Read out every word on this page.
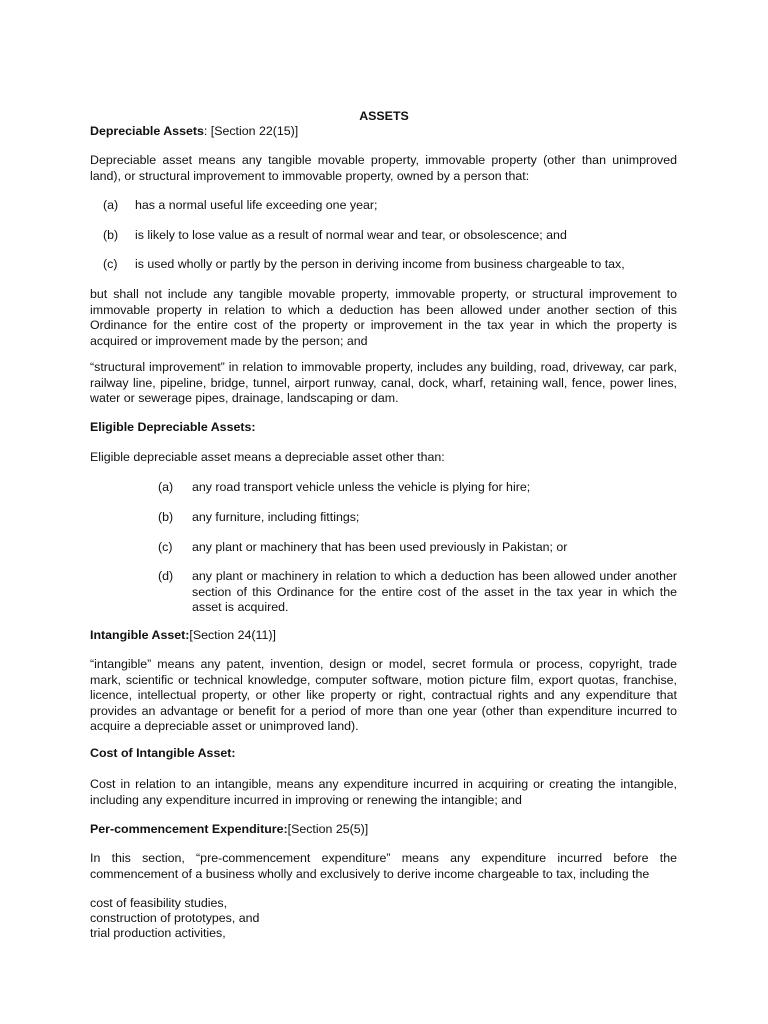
ASSETS
Depreciable Assets: [Section 22(15)]

Depreciable asset means any tangible movable property, immovable property (other than unimproved land), or structural improvement to immovable property, owned by a person that:

(a) has a normal useful life exceeding one year;
(b) is likely to lose value as a result of normal wear and tear, or obsolescence; and
(c) is used wholly or partly by the person in deriving income from business chargeable to tax,

but shall not include any tangible movable property, immovable property, or structural improvement to immovable property in relation to which a deduction has been allowed under another section of this Ordinance for the entire cost of the property or improvement in the tax year in which the property is acquired or improvement made by the person; and

“structural improvement” in relation to immovable property, includes any building, road, driveway, car park, railway line, pipeline, bridge, tunnel, airport runway, canal, dock, wharf, retaining wall, fence, power lines, water or sewerage pipes, drainage, landscaping or dam.

Eligible Depreciable Assets:

Eligible depreciable asset means a depreciable asset other than:

(a) any road transport vehicle unless the vehicle is plying for hire;
(b) any furniture, including fittings;
(c) any plant or machinery that has been used previously in Pakistan; or
(d) any plant or machinery in relation to which a deduction has been allowed under another section of this Ordinance for the entire cost of the asset in the tax year in which the asset is acquired.
Intangible Asset:[Section 24(11)]

“intangible” means any patent, invention, design or model, secret formula or process, copyright, trade mark, scientific or technical knowledge, computer software, motion picture film, export quotas, franchise, licence, intellectual property, or other like property or right, contractual rights and any expenditure that provides an advantage or benefit for a period of more than one year (other than expenditure incurred to acquire a depreciable asset or unimproved land).

Cost of Intangible Asset:

Cost in relation to an intangible, means any expenditure incurred in acquiring or creating the intangible, including any expenditure incurred in improving or renewing the intangible; and

Per-commencement Expenditure:[Section 25(5)]

In this section, “pre-commencement expenditure” means any expenditure incurred before the commencement of a business wholly and exclusively to derive income chargeable to tax, including the

cost of feasibility studies,
construction of prototypes, and
trial production activities,
